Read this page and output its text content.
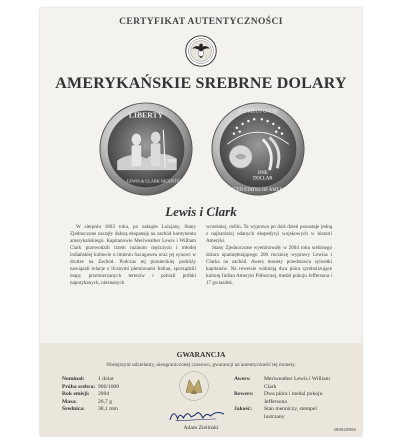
CERTYFIKAT AUTENTYCZNOŚCI
AMERYKAŃSKIE SREBRNE DOLARY
LIBERTY
2004
LEWIS & CLARK BICENTENNIAL
PLURIBUS UNUM
ONE
DOLLAR
UNITED STATES OF AMERICA
Lewis i Clark

W sierpniu 1803 roku, po zakupie Luizjany, Stany Zjednoczone zaczęły dalszą ekspansję na zachód kontynentu amerykańskiego. Kapitanowie Meriweather Lewis i William Clark przewodzili trzem tuzinom mężczyzn i młodej indiańskiej kobiecie o imieniu Sacagawea oraz jej synowi w drodze na Zachód. Podczas tej pionierskiej podróży nawiązali relacje z licznymi plemionami Indian, sporządzili mapy przemierzanych terenów i pobrali próbki napotykanych, nieznanych

wcześniej, roślin. Ta wyprawa po dziś dzień pozostaje jedną z najbardziej udanych ekspedycji wojskowych w historii Ameryki.

Stany Zjednoczone wyemitowały w 2004 roku srebrnego dolara upamiętniającego 200 rocznicę wyprawy Lewisa i Clarka na zachód. Awers monety przedstawia sylwetki kapitanów. Na rewersie widnieją dwa pióra symbolizujące kulturę Indian Ameryki Północnej, medal pokoju Jeffersona i 17 gwiazdek.

GWARANCJA
Niniejszym udzielamy, nieograniczonej czasowo, gwarancji na autentyczność tej monety.
Nominał:	1 dolar
Próba srebra: 900/1000
Rok emisji:	2004
Masa:	26,7 g
Średnica:	38,1 mm
Awers:	Meriweather Lewis i William Clark
Rewers:	Dwa pióra i medal pokoju Jeffersona
Jakość:	Stan menniczy, stempel lustrzany
Adam Zieliński	409020086
